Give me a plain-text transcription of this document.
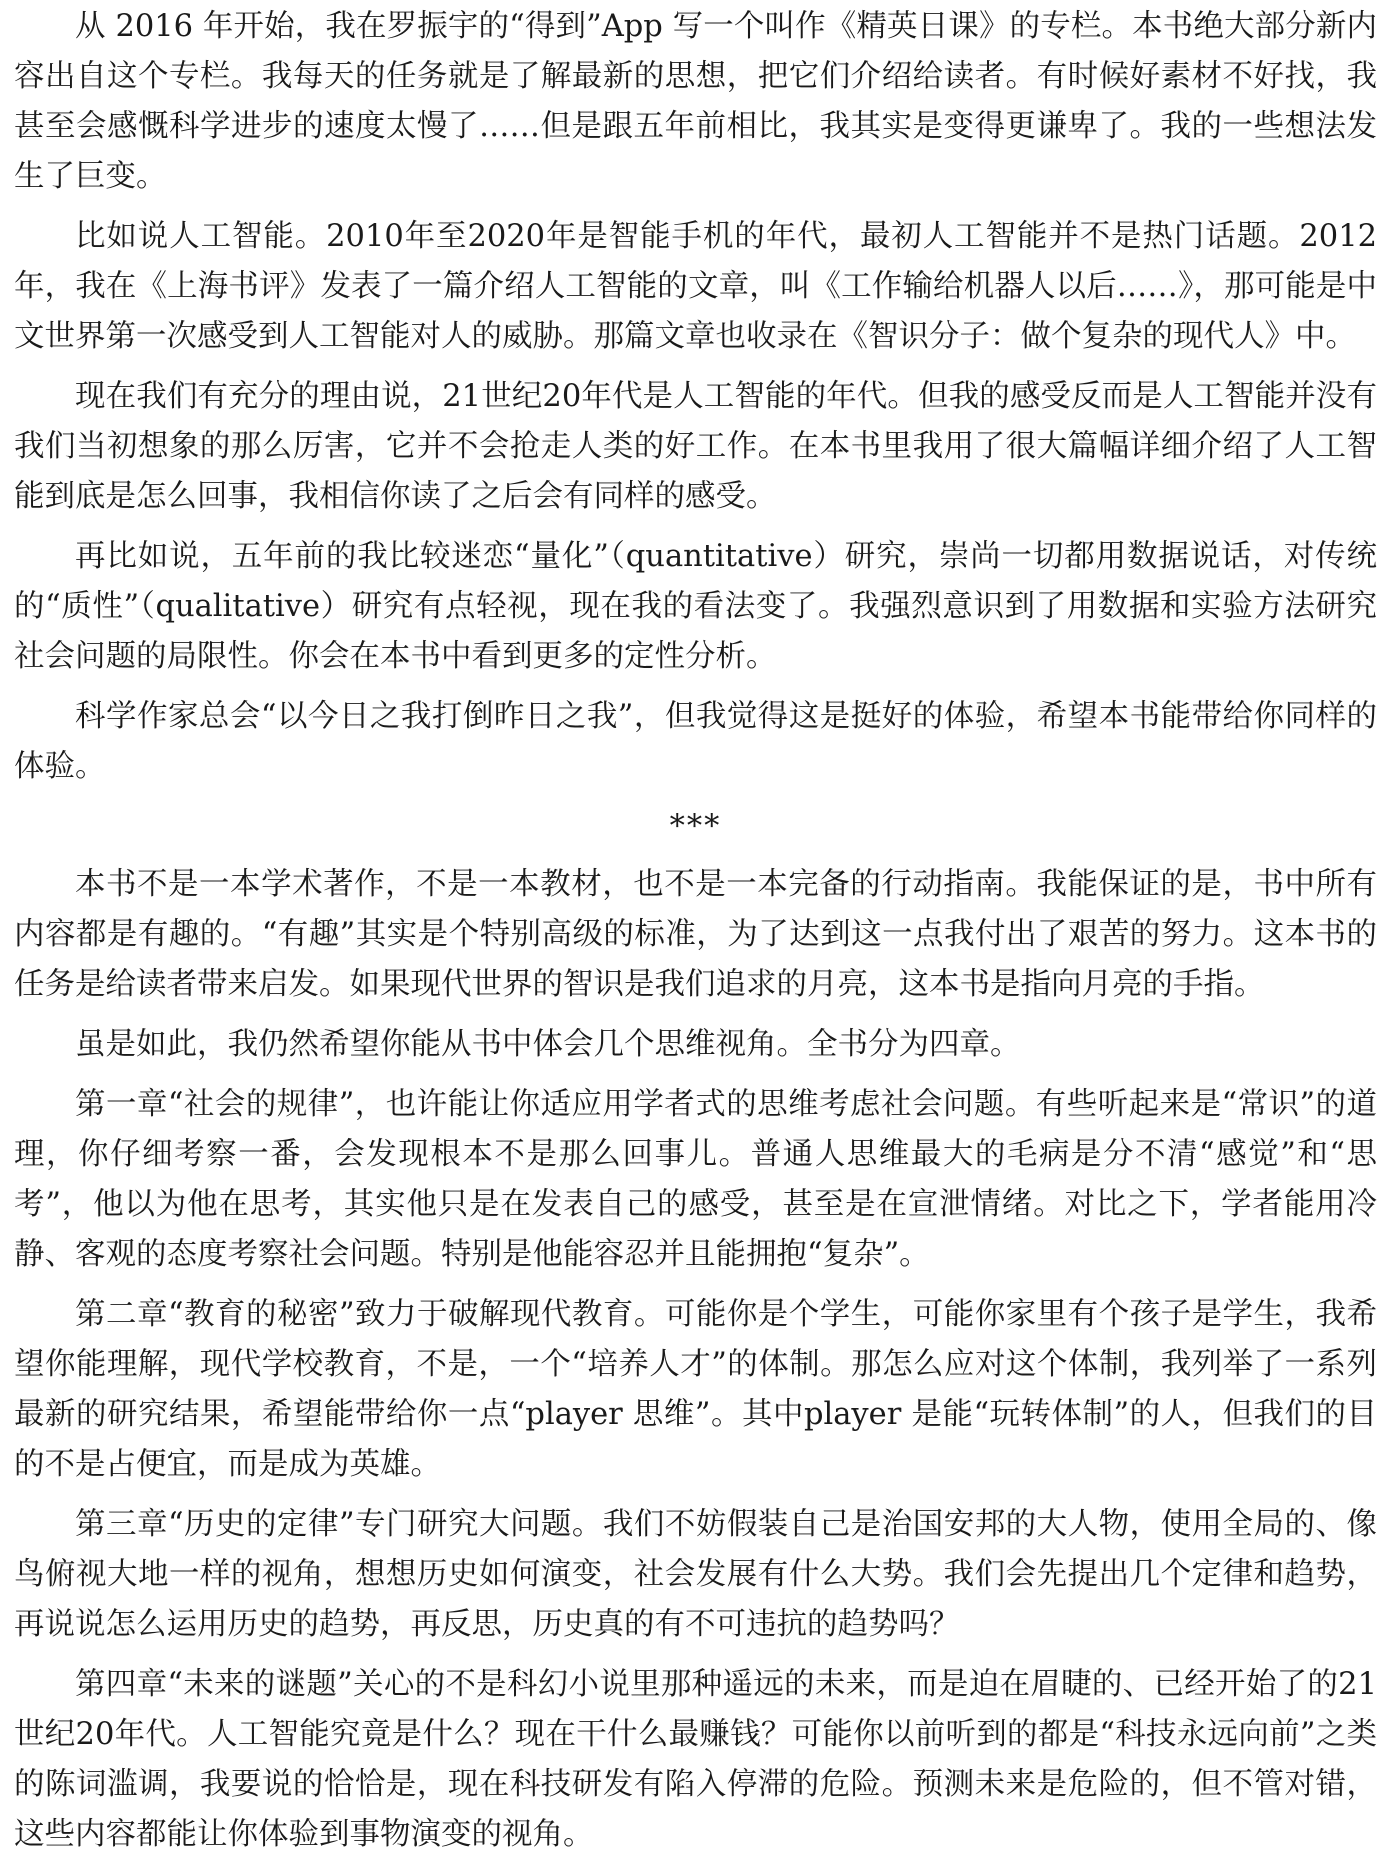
从 2016 年开始，我在罗振宇的“得到”App 写一个叫作《精英日课》的专栏。本书绝大部分新内容出自这个专栏。我每天的任务就是了解最新的思想，把它们介绍给读者。有时候好素材不好找，我甚至会感慨科学进步的速度太慢了……但是跟五年前相比，我其实是变得更谦卑了。我的一些想法发生了巨变。

比如说人工智能。2010年至2020年是智能手机的年代，最初人工智能并不是热门话题。2012年，我在《上海书评》发表了一篇介绍人工智能的文章，叫《工作输给机器人以后……》，那可能是中文世界第一次感受到人工智能对人的威胁。那篇文章也收录在《智识分子：做个复杂的现代人》中。

现在我们有充分的理由说，21世纪20年代是人工智能的年代。但我的感受反而是人工智能并没有我们当初想象的那么厉害，它并不会抢走人类的好工作。在本书里我用了很大篇幅详细介绍了人工智能到底是怎么回事，我相信你读了之后会有同样的感受。

再比如说，五年前的我比较迷恋“量化”（quantitative）研究，崇尚一切都用数据说话，对传统的“质性”（qualitative）研究有点轻视，现在我的看法变了。我强烈意识到了用数据和实验方法研究社会问题的局限性。你会在本书中看到更多的定性分析。

科学作家总会“以今日之我打倒昨日之我”，但我觉得这是挺好的体验，希望本书能带给你同样的体验。

***

本书不是一本学术著作，不是一本教材，也不是一本完备的行动指南。我能保证的是，书中所有内容都是有趣的。“有趣”其实是个特别高级的标准，为了达到这一点我付出了艰苦的努力。这本书的任务是给读者带来启发。如果现代世界的智识是我们追求的月亮，这本书是指向月亮的手指。

虽是如此，我仍然希望你能从书中体会几个思维视角。全书分为四章。

第一章“社会的规律”，也许能让你适应用学者式的思维考虑社会问题。有些听起来是“常识”的道理，你仔细考察一番，会发现根本不是那么回事儿。普通人思维最大的毛病是分不清“感觉”和“思考”，他以为他在思考，其实他只是在发表自己的感受，甚至是在宣泄情绪。对比之下，学者能用冷静、客观的态度考察社会问题。特别是他能容忍并且能拥抱“复杂”。

第二章“教育的秘密”致力于破解现代教育。可能你是个学生，可能你家里有个孩子是学生，我希望你能理解，现代学校教育，不是，一个“培养人才”的体制。那怎么应对这个体制，我列举了一系列最新的研究结果，希望能带给你一点“player 思维”。其中player 是能“玩转体制”的人，但我们的目的不是占便宜，而是成为英雄。

第三章“历史的定律”专门研究大问题。我们不妨假装自己是治国安邦的大人物，使用全局的、像鸟俯视大地一样的视角，想想历史如何演变，社会发展有什么大势。我们会先提出几个定律和趋势，再说说怎么运用历史的趋势，再反思，历史真的有不可违抗的趋势吗？

第四章“未来的谜题”关心的不是科幻小说里那种遥远的未来，而是迫在眉睫的、已经开始了的21世纪20年代。人工智能究竟是什么？现在干什么最赚钱？可能你以前听到的都是“科技永远向前”之类的陈词滥调，我要说的恰恰是，现在科技研发有陷入停滞的危险。预测未来是危险的，但不管对错，这些内容都能让你体验到事物演变的视角。
